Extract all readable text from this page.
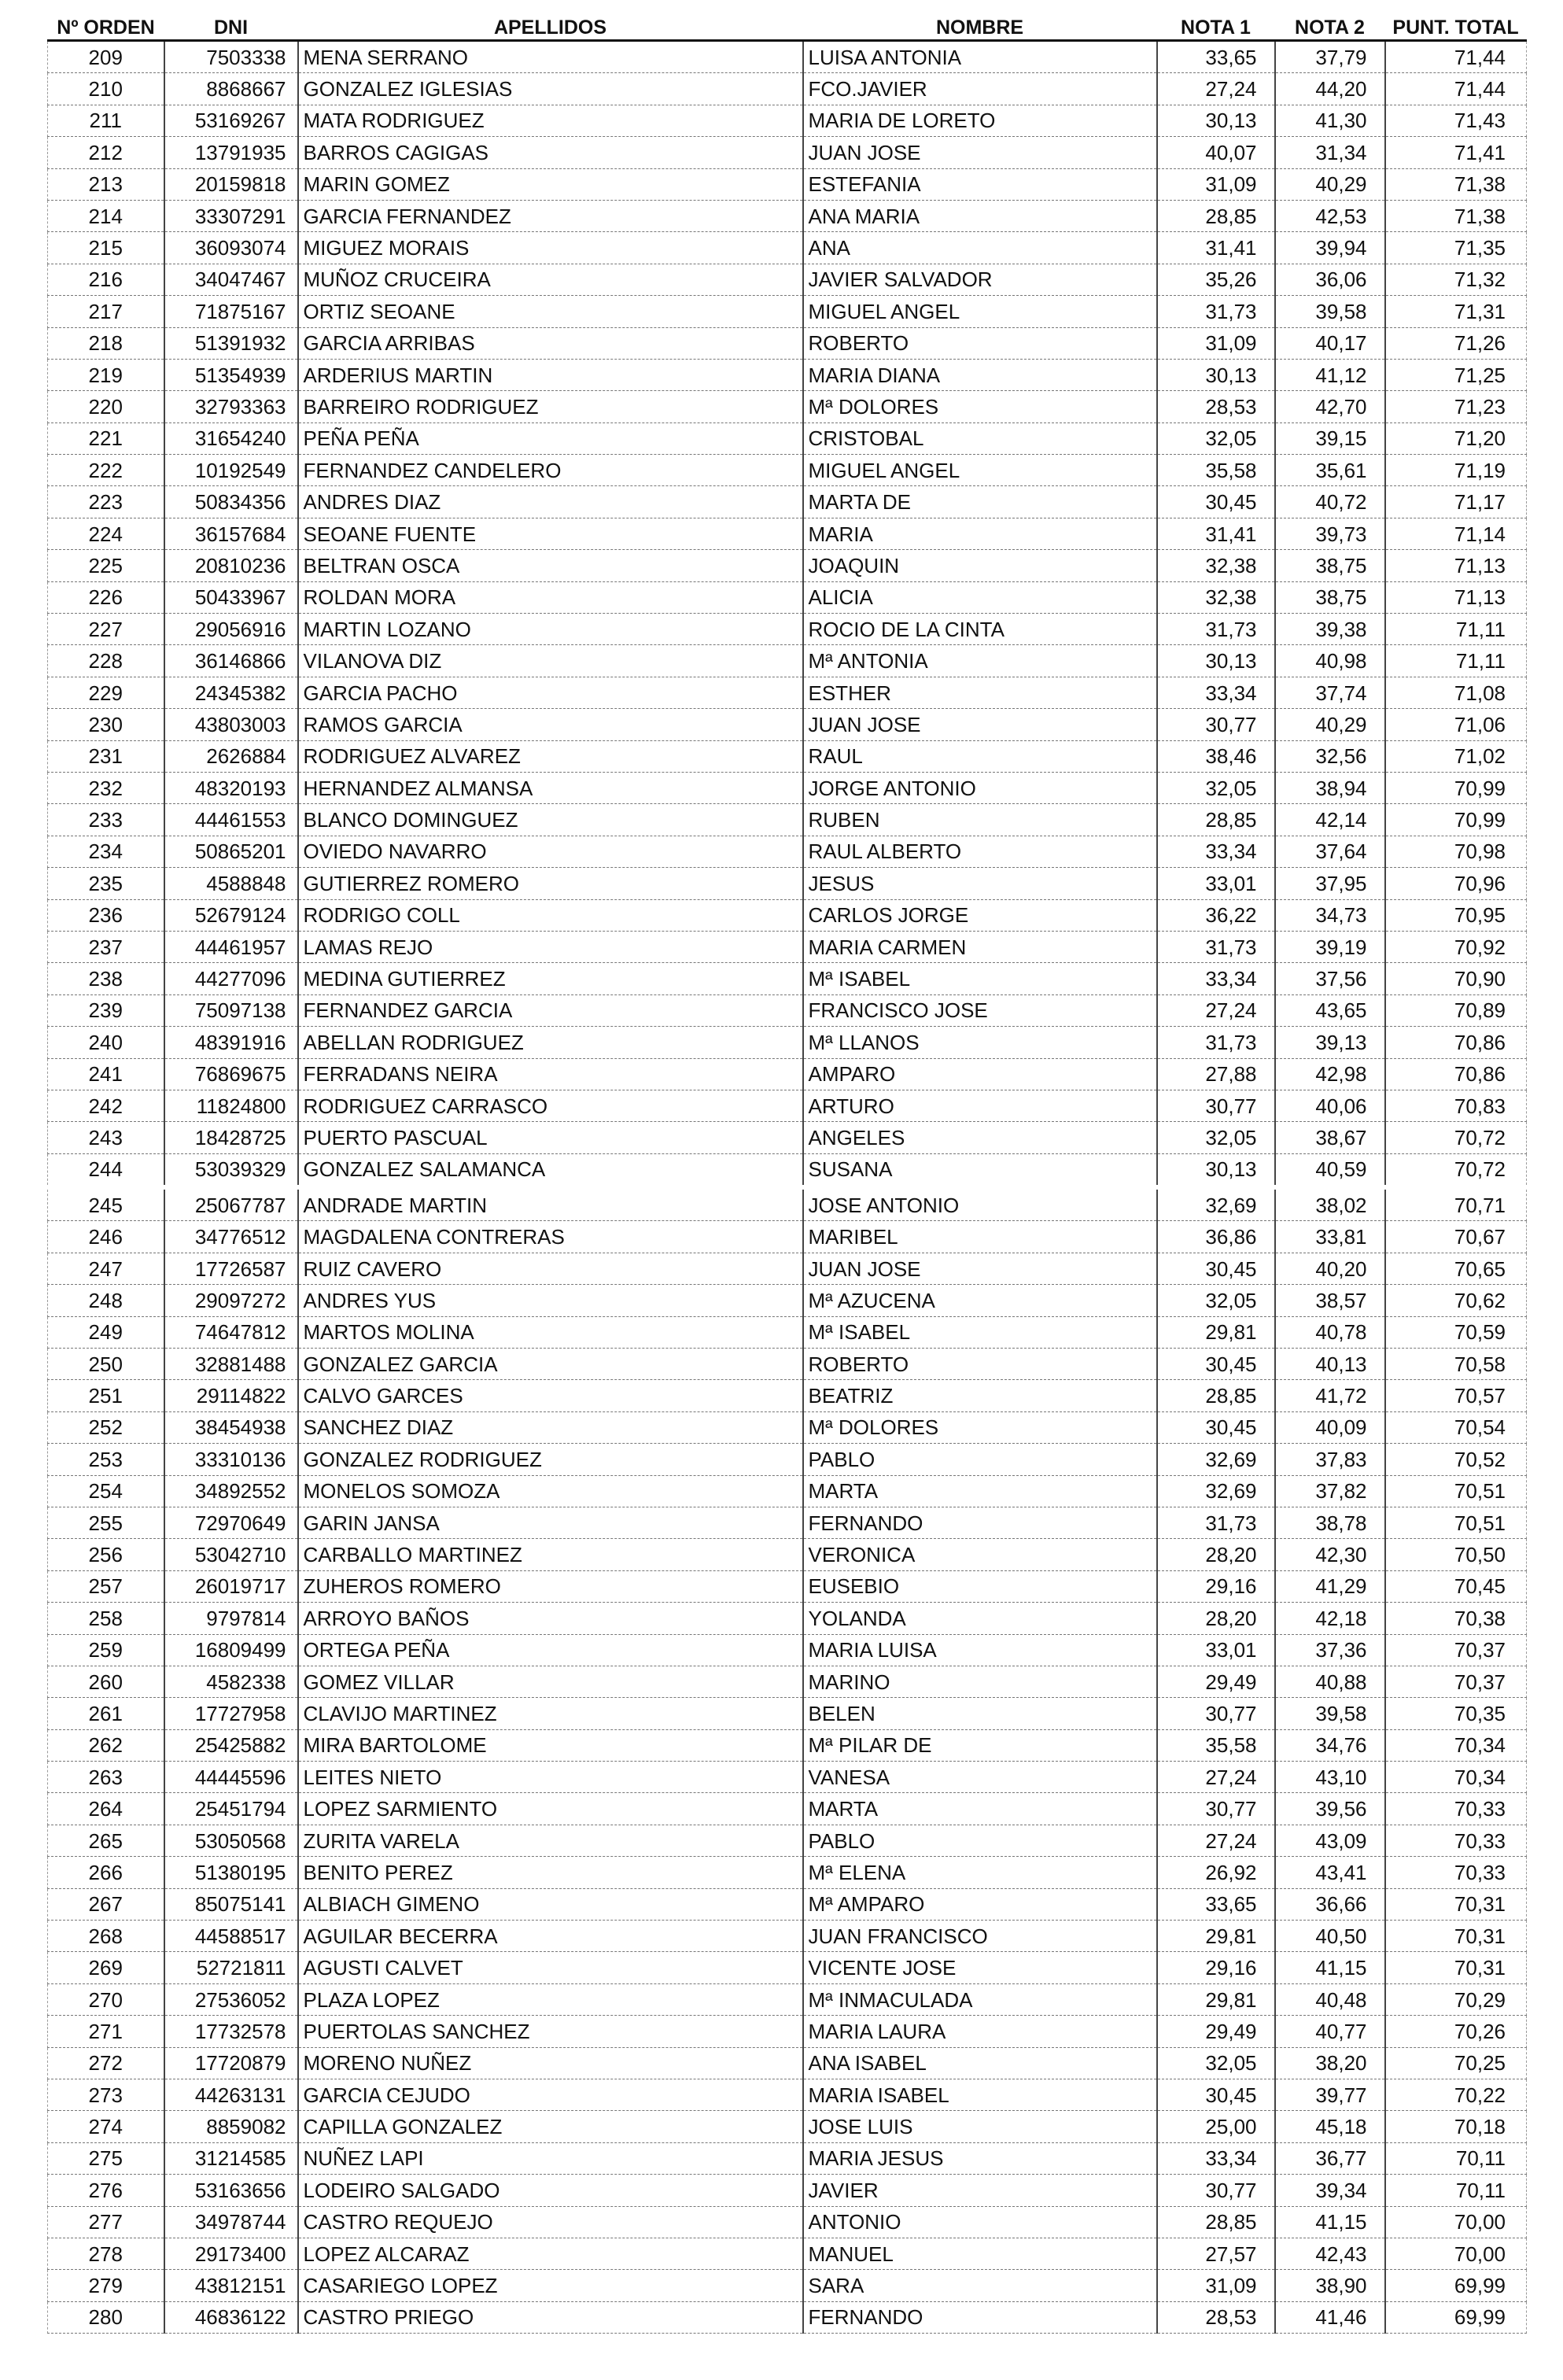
Nº ORDEN	DNI	APELLIDOS	NOMBRE	NOTA 1	NOTA 2	PUNT. TOTAL
209	7503338	MENA SERRANO	LUISA ANTONIA	33,65	37,79	71,44
210	8868667	GONZALEZ IGLESIAS	FCO.JAVIER	27,24	44,20	71,44
211	53169267	MATA RODRIGUEZ	MARIA DE LORETO	30,13	41,30	71,43
212	13791935	BARROS CAGIGAS	JUAN JOSE	40,07	31,34	71,41
213	20159818	MARIN GOMEZ	ESTEFANIA	31,09	40,29	71,38
214	33307291	GARCIA FERNANDEZ	ANA MARIA	28,85	42,53	71,38
215	36093074	MIGUEZ MORAIS	ANA	31,41	39,94	71,35
216	34047467	MUÑOZ CRUCEIRA	JAVIER SALVADOR	35,26	36,06	71,32
217	71875167	ORTIZ SEOANE	MIGUEL ANGEL	31,73	39,58	71,31
218	51391932	GARCIA ARRIBAS	ROBERTO	31,09	40,17	71,26
219	51354939	ARDERIUS MARTIN	MARIA DIANA	30,13	41,12	71,25
220	32793363	BARREIRO RODRIGUEZ	Mª DOLORES	28,53	42,70	71,23
221	31654240	PEÑA PEÑA	CRISTOBAL	32,05	39,15	71,20
222	10192549	FERNANDEZ CANDELERO	MIGUEL ANGEL	35,58	35,61	71,19
223	50834356	ANDRES DIAZ	MARTA DE	30,45	40,72	71,17
224	36157684	SEOANE FUENTE	MARIA	31,41	39,73	71,14
225	20810236	BELTRAN OSCA	JOAQUIN	32,38	38,75	71,13
226	50433967	ROLDAN MORA	ALICIA	32,38	38,75	71,13
227	29056916	MARTIN LOZANO	ROCIO DE LA CINTA	31,73	39,38	71,11
228	36146866	VILANOVA DIZ	Mª ANTONIA	30,13	40,98	71,11
229	24345382	GARCIA PACHO	ESTHER	33,34	37,74	71,08
230	43803003	RAMOS GARCIA	JUAN JOSE	30,77	40,29	71,06
231	2626884	RODRIGUEZ ALVAREZ	RAUL	38,46	32,56	71,02
232	48320193	HERNANDEZ ALMANSA	JORGE ANTONIO	32,05	38,94	70,99
233	44461553	BLANCO DOMINGUEZ	RUBEN	28,85	42,14	70,99
234	50865201	OVIEDO NAVARRO	RAUL ALBERTO	33,34	37,64	70,98
235	4588848	GUTIERREZ ROMERO	JESUS	33,01	37,95	70,96
236	52679124	RODRIGO COLL	CARLOS JORGE	36,22	34,73	70,95
237	44461957	LAMAS REJO	MARIA CARMEN	31,73	39,19	70,92
238	44277096	MEDINA GUTIERREZ	Mª ISABEL	33,34	37,56	70,90
239	75097138	FERNANDEZ GARCIA	FRANCISCO JOSE	27,24	43,65	70,89
240	48391916	ABELLAN RODRIGUEZ	Mª LLANOS	31,73	39,13	70,86
241	76869675	FERRADANS NEIRA	AMPARO	27,88	42,98	70,86
242	11824800	RODRIGUEZ CARRASCO	ARTURO	30,77	40,06	70,83
243	18428725	PUERTO PASCUAL	ANGELES	32,05	38,67	70,72
244	53039329	GONZALEZ SALAMANCA	SUSANA	30,13	40,59	70,72
245	25067787	ANDRADE MARTIN	JOSE ANTONIO	32,69	38,02	70,71
246	34776512	MAGDALENA CONTRERAS	MARIBEL	36,86	33,81	70,67
247	17726587	RUIZ CAVERO	JUAN JOSE	30,45	40,20	70,65
248	29097272	ANDRES YUS	Mª AZUCENA	32,05	38,57	70,62
249	74647812	MARTOS MOLINA	Mª ISABEL	29,81	40,78	70,59
250	32881488	GONZALEZ GARCIA	ROBERTO	30,45	40,13	70,58
251	29114822	CALVO GARCES	BEATRIZ	28,85	41,72	70,57
252	38454938	SANCHEZ DIAZ	Mª DOLORES	30,45	40,09	70,54
253	33310136	GONZALEZ RODRIGUEZ	PABLO	32,69	37,83	70,52
254	34892552	MONELOS SOMOZA	MARTA	32,69	37,82	70,51
255	72970649	GARIN JANSA	FERNANDO	31,73	38,78	70,51
256	53042710	CARBALLO MARTINEZ	VERONICA	28,20	42,30	70,50
257	26019717	ZUHEROS ROMERO	EUSEBIO	29,16	41,29	70,45
258	9797814	ARROYO BAÑOS	YOLANDA	28,20	42,18	70,38
259	16809499	ORTEGA PEÑA	MARIA LUISA	33,01	37,36	70,37
260	4582338	GOMEZ VILLAR	MARINO	29,49	40,88	70,37
261	17727958	CLAVIJO MARTINEZ	BELEN	30,77	39,58	70,35
262	25425882	MIRA BARTOLOME	Mª PILAR DE	35,58	34,76	70,34
263	44445596	LEITES NIETO	VANESA	27,24	43,10	70,34
264	25451794	LOPEZ SARMIENTO	MARTA	30,77	39,56	70,33
265	53050568	ZURITA VARELA	PABLO	27,24	43,09	70,33
266	51380195	BENITO PEREZ	Mª ELENA	26,92	43,41	70,33
267	85075141	ALBIACH GIMENO	Mª AMPARO	33,65	36,66	70,31
268	44588517	AGUILAR BECERRA	JUAN FRANCISCO	29,81	40,50	70,31
269	52721811	AGUSTI CALVET	VICENTE JOSE	29,16	41,15	70,31
270	27536052	PLAZA LOPEZ	Mª INMACULADA	29,81	40,48	70,29
271	17732578	PUERTOLAS SANCHEZ	MARIA LAURA	29,49	40,77	70,26
272	17720879	MORENO NUÑEZ	ANA ISABEL	32,05	38,20	70,25
273	44263131	GARCIA CEJUDO	MARIA ISABEL	30,45	39,77	70,22
274	8859082	CAPILLA GONZALEZ	JOSE LUIS	25,00	45,18	70,18
275	31214585	NUÑEZ LAPI	MARIA JESUS	33,34	36,77	70,11
276	53163656	LODEIRO SALGADO	JAVIER	30,77	39,34	70,11
277	34978744	CASTRO REQUEJO	ANTONIO	28,85	41,15	70,00
278	29173400	LOPEZ ALCARAZ	MANUEL	27,57	42,43	70,00
279	43812151	CASARIEGO LOPEZ	SARA	31,09	38,90	69,99
280	46836122	CASTRO PRIEGO	FERNANDO	28,53	41,46	69,99
